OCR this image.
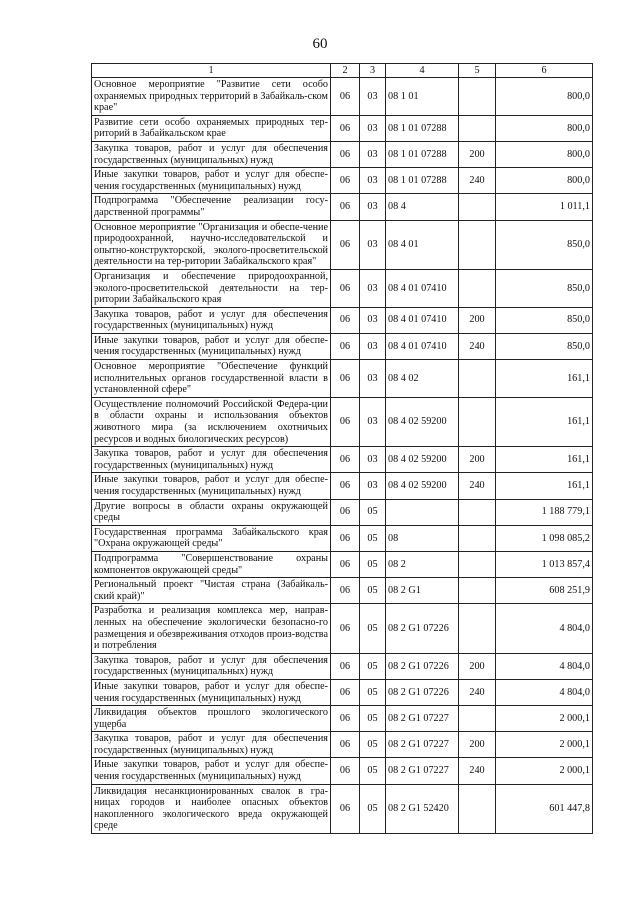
60
1	2	3	4	5	6
Основное мероприятие "Развитие сети особо охраняемых природных территорий в Забайкаль-ском крае"	06	03	08 1 01		800,0
Развитие сети особо охраняемых природных тер-риторий в Забайкальском крае	06	03	08 1 01 07288		800,0
Закупка товаров, работ и услуг для обеспечения государственных (муниципальных) нужд	06	03	08 1 01 07288	200	800,0
Иные закупки товаров, работ и услуг для обеспе-чения государственных (муниципальных) нужд	06	03	08 1 01 07288	240	800,0
Подпрограмма "Обеспечение реализации госу-дарственной программы"	06	03	08 4		1 011,1
Основное мероприятие "Организация и обеспе-чение природоохранной, научно-исследовательской и опытно-конструкторской, эколого-просветительской деятельности на тер-ритории Забайкальского края"	06	03	08 4 01		850,0
Организация и обеспечение природоохранной, эколого-просветительской деятельности на тер-ритории Забайкальского края	06	03	08 4 01 07410		850,0
Закупка товаров, работ и услуг для обеспечения государственных (муниципальных) нужд	06	03	08 4 01 07410	200	850,0
Иные закупки товаров, работ и услуг для обеспе-чения государственных (муниципальных) нужд	06	03	08 4 01 07410	240	850,0
Основное мероприятие "Обеспечение функций исполнительных органов государственной власти в установленной сфере"	06	03	08 4 02		161,1
Осуществление полномочий Российской Федера-ции в области охраны и использования объектов животного мира (за исключением охотничьих ресурсов и водных биологических ресурсов)	06	03	08 4 02 59200		161,1
Закупка товаров, работ и услуг для обеспечения государственных (муниципальных) нужд	06	03	08 4 02 59200	200	161,1
Иные закупки товаров, работ и услуг для обеспе-чения государственных (муниципальных) нужд	06	03	08 4 02 59200	240	161,1
Другие вопросы в области охраны окружающей среды	06	05			1 188 779,1
Государственная программа Забайкальского края "Охрана окружающей среды"	06	05	08		1 098 085,2
Подпрограмма "Совершенствование охраны компонентов окружающей среды"	06	05	08 2		1 013 857,4
Региональный проект "Чистая страна (Забайкаль-ский край)"	06	05	08 2 G1		608 251,9
Разработка и реализация комплекса мер, направ-ленных на обеспечение экологически безопасно-го размещения и обезвреживания отходов произ-водства и потребления	06	05	08 2 G1 07226		4 804,0
Закупка товаров, работ и услуг для обеспечения государственных (муниципальных) нужд	06	05	08 2 G1 07226	200	4 804,0
Иные закупки товаров, работ и услуг для обеспе-чения государственных (муниципальных) нужд	06	05	08 2 G1 07226	240	4 804,0
Ликвидация объектов прошлого экологического ущерба	06	05	08 2 G1 07227		2 000,1
Закупка товаров, работ и услуг для обеспечения государственных (муниципальных) нужд	06	05	08 2 G1 07227	200	2 000,1
Иные закупки товаров, работ и услуг для обеспе-чения государственных (муниципальных) нужд	06	05	08 2 G1 07227	240	2 000,1
Ликвидация несанкционированных свалок в гра-ницах городов и наиболее опасных объектов накопленного экологического вреда окружающей среде	06	05	08 2 G1 52420		601 447,8
